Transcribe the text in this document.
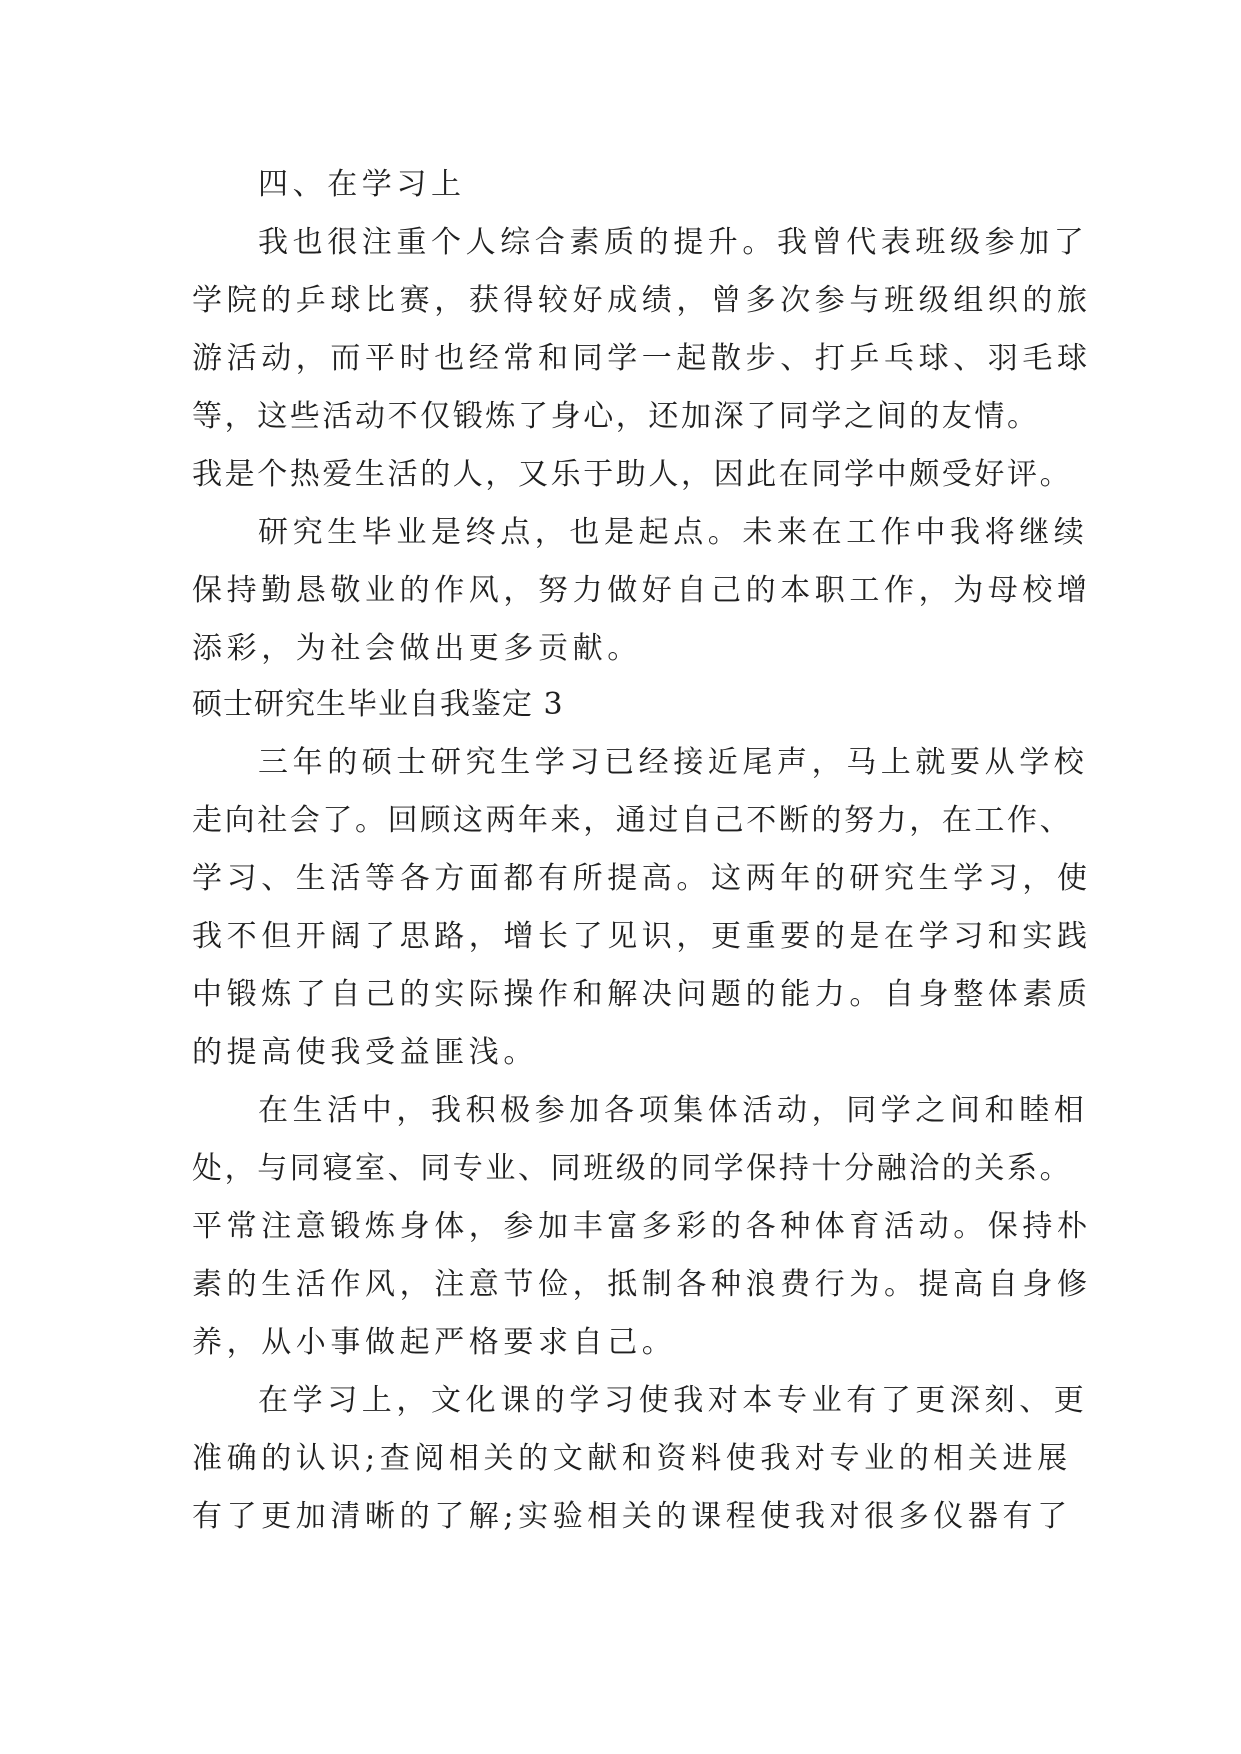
四、在学习上
我也很注重个人综合素质的提升。我曾代表班级参加了
学院的乒球比赛，获得较好成绩，曾多次参与班级组织的旅
游活动，而平时也经常和同学一起散步、打乒乓球、羽毛球
等，这些活动不仅锻炼了身心，还加深了同学之间的友情。
我是个热爱生活的人，又乐于助人，因此在同学中颇受好评。
研究生毕业是终点，也是起点。未来在工作中我将继续
保持勤恳敬业的作风，努力做好自己的本职工作，为母校增
添彩，为社会做出更多贡献。
硕士研究生毕业自我鉴定 3
三年的硕士研究生学习已经接近尾声，马上就要从学校
走向社会了。回顾这两年来，通过自己不断的努力，在工作、
学习、生活等各方面都有所提高。这两年的研究生学习，使
我不但开阔了思路，增长了见识，更重要的是在学习和实践
中锻炼了自己的实际操作和解决问题的能力。自身整体素质
的提高使我受益匪浅。
在生活中，我积极参加各项集体活动，同学之间和睦相
处，与同寝室、同专业、同班级的同学保持十分融洽的关系。
平常注意锻炼身体，参加丰富多彩的各种体育活动。保持朴
素的生活作风，注意节俭，抵制各种浪费行为。提高自身修
养，从小事做起严格要求自己。
在学习上，文化课的学习使我对本专业有了更深刻、更
准确的认识;查阅相关的文献和资料使我对专业的相关进展
有了更加清晰的了解;实验相关的课程使我对很多仪器有了
